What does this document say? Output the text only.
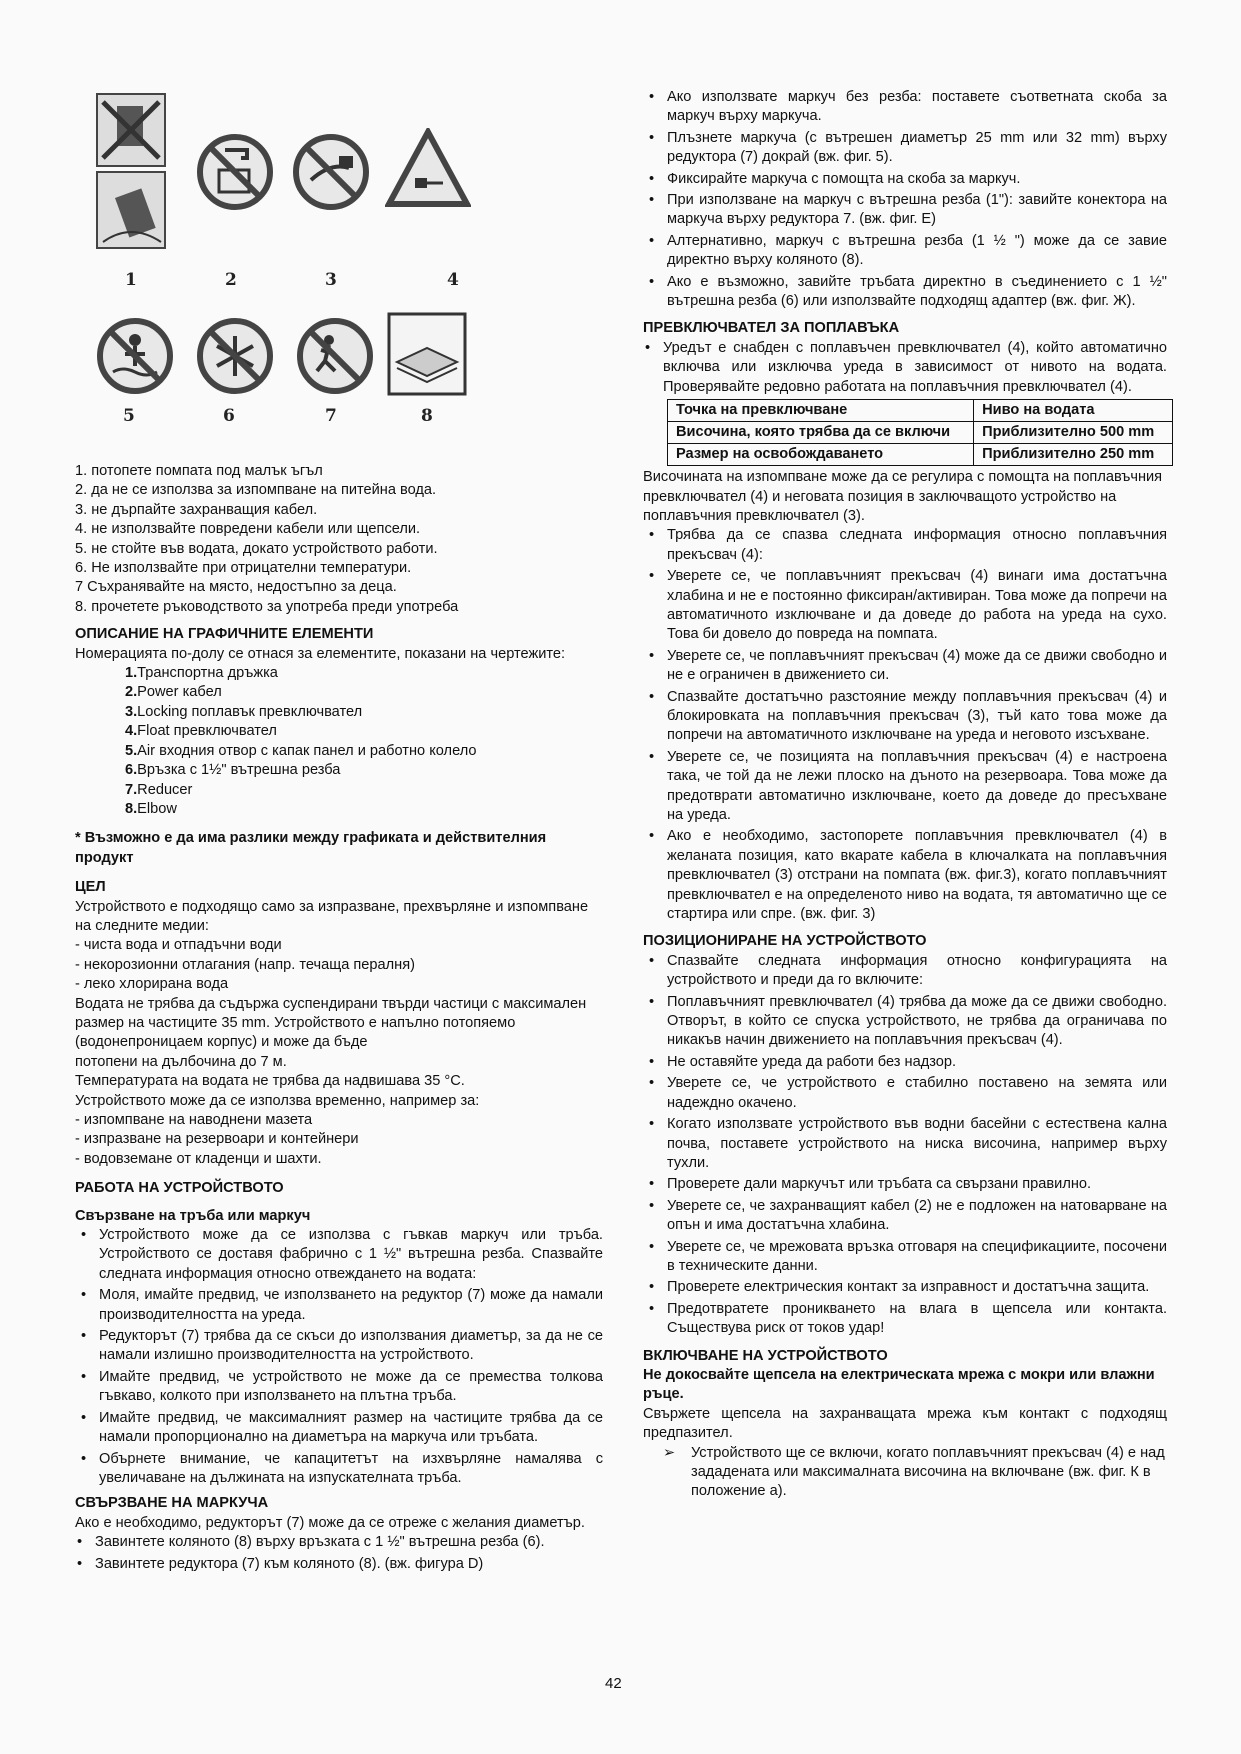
1	2	3	4
5	6	7	8

1. потопете помпата под малък ъгъл

2. да не се използва за изпомпване на питейна вода.

3. не дърпайте захранващия кабел.

4. не използвайте повредени кабели или щепсели.

5. не стойте във водата, докато устройството работи.

6. Не използвайте при отрицателни температури.

7 Съхранявайте на място, недостъпно за деца.

8. прочетете ръководството за употреба преди употреба

ОПИСАНИЕ НА ГРАФИЧНИТЕ ЕЛЕМЕНТИ

Номерацията по-долу се отнася за елементите, показани на чертежите:

1.Транспортна дръжка
2.Power кабел
3.Locking поплавък превключвател
4.Float превключвател
5.Air входния отвор с капак панел и работно колело
6.Връзка с 1½" вътрешна резба
7.Reducer
8.Elbow

* Възможно е да има разлики между графиката и действителния продукт

ЦЕЛ

Устройството е подходящо само за изпразване, прехвърляне и изпомпване на следните медии:

- чиста вода и отпадъчни води

- некорозионни отлагания (напр. течаща пералня)

- леко хлорирана вода

Водата не трябва да съдържа суспендирани твърди частици с максимален размер на частиците 35 mm. Устройството е напълно потопяемо (водонепроницаем корпус) и може да бъде

потопени на дълбочина до 7 м.

Температурата на водата не трябва да надвишава 35 °C.

Устройството може да се използва временно, например за:

- изпомпване на наводнени мазета

- изпразване на резервоари и контейнери

- водовземане от кладенци и шахти.

РАБОТА НА УСТРОЙСТВОТО

Свързване на тръба или маркуч

• Устройството може да се използва с гъвкав маркуч или тръба. Устройството се доставя фабрично с 1 ½" вътрешна резба. Спазвайте следната информация относно отвеждането на водата:
• Моля, имайте предвид, че използването на редуктор (7) може да намали производителността на уреда.
• Редукторът (7) трябва да се скъси до използвания диаметър, за да не се намали излишно производителността на устройството.
• Имайте предвид, че устройството не може да се премества толкова гъвкаво, колкото при използването на плътна тръба.
• Имайте предвид, че максималният размер на частиците трябва да се намали пропорционално на диаметъра на маркуча или тръбата.
• Обърнете внимание, че капацитетът на изхвърляне намалява с увеличаване на дължината на изпускателната тръба.

СВЪРЗВАНЕ НА МАРКУЧА

Ако е необходимо, редукторът (7) може да се отреже с желания диаметър.

• Завинтете коляното (8) върху връзката с 1 ½" вътрешна резба (6).
• Завинтете редуктора (7) към коляното (8). (вж. фигура D)
• Ако използвате маркуч без резба: поставете съответната скоба за маркуч върху маркуча.
• Плъзнете маркуча (с вътрешен диаметър 25 mm или 32 mm) върху редуктора (7) докрай (вж. фиг. 5).
• Фиксирайте маркуча с помощта на скоба за маркуч.
• При използване на маркуч с вътрешна резба (1"): завийте конектора на маркуча върху редуктора 7. (вж. фиг. E)
• Алтернативно, маркуч с вътрешна резба (1 ½ ") може да се завие директно върху коляното (8).
• Ако е възможно, завийте тръбата директно в съединението с 1 ½" вътрешна резба (6) или използвайте подходящ адаптер (вж. фиг. Ж).

ПРЕВКЛЮЧВАТЕЛ ЗА ПОПЛАВЪКА

• Уредът е снабден с поплавъчен превключвател (4), който автоматично включва или изключва уреда в зависимост от нивото на водата. Проверявайте редовно работата на поплавъчния превключвател (4).
Точка на превключване	Ниво на водата
Височина, която трябва да се включи	Приблизително 500 mm
Размер на освобождаването	Приблизително 250 mm

Височината на изпомпване може да се регулира с помощта на поплавъчния превключвател (4) и неговата позиция в заключващото устройство на поплавъчния превключвател (3).

• Трябва да се спазва следната информация относно поплавъчния прекъсвач (4):
• Уверете се, че поплавъчният прекъсвач (4) винаги има достатъчна хлабина и не е постоянно фиксиран/активиран. Това може да попречи на автоматичното изключване и да доведе до работа на уреда на сухо. Това би довело до повреда на помпата.
• Уверете се, че поплавъчният прекъсвач (4) може да се движи свободно и не е ограничен в движението си.
• Спазвайте достатъчно разстояние между поплавъчния прекъсвач (4) и блокировката на поплавъчния прекъсвач (3), тъй като това може да попречи на автоматичното изключване на уреда и неговото изсъхване.
• Уверете се, че позицията на поплавъчния прекъсвач (4) е настроена така, че той да не лежи плоско на дъното на резервоара. Това може да предотврати автоматично изключване, което да доведе до пресъхване на уреда.
• Ако е необходимо, застопорете поплавъчния превключвател (4) в желаната позиция, като вкарате кабела в ключалката на поплавъчния превключвател (3) отстрани на помпата (вж. фиг.3), когато поплавъчният превключвател е на определеното ниво на водата, тя автоматично ще се стартира или спре. (вж. фиг. 3)

ПОЗИЦИОНИРАНЕ НА УСТРОЙСТВОТО

• Спазвайте следната информация относно конфигурацията на устройството и преди да го включите:
• Поплавъчният превключвател (4) трябва да може да се движи свободно. Отворът, в който се спуска устройството, не трябва да ограничава по никакъв начин движението на поплавъчния прекъсвач (4).
• Не оставяйте уреда да работи без надзор.
• Уверете се, че устройството е стабилно поставено на земята или надеждно окачено.
• Когато използвате устройството във водни басейни с естествена кална почва, поставете устройството на ниска височина, например върху тухли.
• Проверете дали маркучът или тръбата са свързани правилно.
• Уверете се, че захранващият кабел (2) не е подложен на натоварване на опън и има достатъчна хлабина.
• Уверете се, че мрежовата връзка отговаря на спецификациите, посочени в техническите данни.
• Проверете електрическия контакт за изправност и достатъчна защита.
• Предотвратете проникването на влага в щепсела или контакта. Съществува риск от токов удар!

ВКЛЮЧВАНЕ НА УСТРОЙСТВОТО

Не докосвайте щепсела на електрическата мрежа с мокри или влажни ръце.

Свържете щепсела на захранващата мрежа към контакт с подходящ предпазител.

➢ Устройството ще се включи, когато поплавъчният прекъсвач (4) е над зададената или максималната височина на включване (вж. фиг. К в положение а).

42
